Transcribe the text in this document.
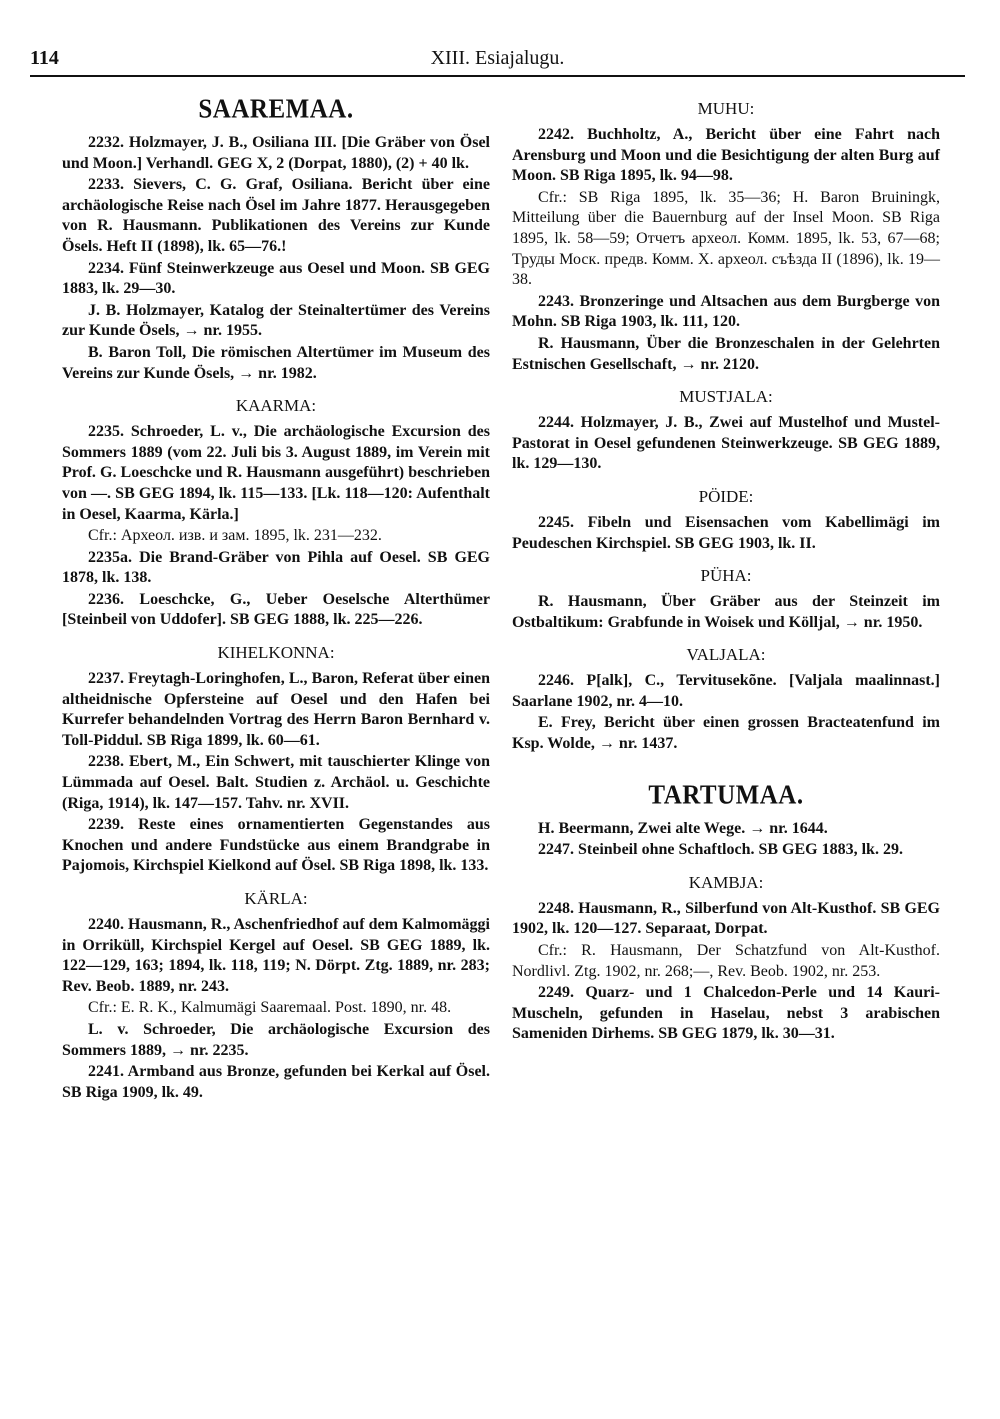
114	XIII. Esiajalugu.
SAAREMAA.

2232. Holzmayer, J. B., Osiliana III. [Die Gräber von Ösel und Moon.] Verhandl. GEG X, 2 (Dorpat, 1880), (2) + 40 lk.

2233. Sievers, C. G. Graf, Osiliana. Bericht über eine archäologische Reise nach Ösel im Jahre 1877. Herausgegeben von R. Hausmann. Publikationen des Vereins zur Kunde Ösels. Heft II (1898), lk. 65—76.!

2234. Fünf Steinwerkzeuge aus Oesel und Moon. SB GEG 1883, lk. 29—30.

J. B. Holzmayer, Katalog der Steinaltertümer des Vereins zur Kunde Ösels, → nr. 1955.

B. Baron Toll, Die römischen Altertümer im Museum des Vereins zur Kunde Ösels, → nr. 1982.

KAARMA:

2235. Schroeder, L. v., Die archäologische Excursion des Sommers 1889 (vom 22. Juli bis 3. August 1889, im Verein mit Prof. G. Loeschcke und R. Hausmann ausgeführt) beschrieben von —. SB GEG 1894, lk. 115—133. [Lk. 118—120: Aufenthalt in Oesel, Kaarma, Kärla.]

Cfr.: Археол. изв. и зам. 1895, lk. 231—232.

2235a. Die Brand-Gräber von Pihla auf Oesel. SB GEG 1878, lk. 138.

2236. Loeschcke, G., Ueber Oeselsche Alterthümer [Steinbeil von Uddofer]. SB GEG 1888, lk. 225—226.

KIHELKONNA:

2237. Freytagh-Loringhofen, L., Baron, Referat über einen altheidnische Opfersteine auf Oesel und den Hafen bei Kurrefer behandelnden Vortrag des Herrn Baron Bernhard v. Toll-Piddul. SB Riga 1899, lk. 60—61.

2238. Ebert, M., Ein Schwert, mit tauschierter Klinge von Lümmada auf Oesel. Balt. Studien z. Archäol. u. Geschichte (Riga, 1914), lk. 147—157. Tahv. nr. XVII.

2239. Reste eines ornamentierten Gegenstandes aus Knochen und andere Fundstücke aus einem Brandgrabe in Pajomois, Kirchspiel Kielkond auf Ösel. SB Riga 1898, lk. 133.

KÄRLA:

2240. Hausmann, R., Aschenfriedhof auf dem Kalmomäggi in Orriküll, Kirchspiel Kergel auf Oesel. SB GEG 1889, lk. 122—129, 163; 1894, lk. 118, 119; N. Dörpt. Ztg. 1889, nr. 283; Rev. Beob. 1889, nr. 243.

Cfr.: E. R. K., Kalmumägi Saaremaal. Post. 1890, nr. 48.

L. v. Schroeder, Die archäologische Excursion des Sommers 1889, → nr. 2235.

2241. Armband aus Bronze, gefunden bei Kerkal auf Ösel. SB Riga 1909, lk. 49.

MUHU:

2242. Buchholtz, A., Bericht über eine Fahrt nach Arensburg und Moon und die Besichtigung der alten Burg auf Moon. SB Riga 1895, lk. 94—98.

Cfr.: SB Riga 1895, lk. 35—36; H. Baron Bruiningk, Mitteilung über die Bauernburg auf der Insel Moon. SB Riga 1895, lk. 58—59; Отчетъ археол. Комм. 1895, lk. 53, 67—68; Труды Моск. предв. Комм. X. археол. съѣзда II (1896), lk. 19—38.

2243. Bronzeringe und Altsachen aus dem Burgberge von Mohn. SB Riga 1903, lk. 111, 120.

R. Hausmann, Über die Bronzeschalen in der Gelehrten Estnischen Gesellschaft, → nr. 2120.

MUSTJALA:

2244. Holzmayer, J. B., Zwei auf Mustelhof und Mustel-Pastorat in Oesel gefundenen Steinwerkzeuge. SB GEG 1889, lk. 129—130.

PÖIDE:

2245. Fibeln und Eisensachen vom Kabellimägi im Peudeschen Kirchspiel. SB GEG 1903, lk. II.

PÜHA:

R. Hausmann, Über Gräber aus der Steinzeit im Ostbaltikum: Grabfunde in Woisek und Kölljal, → nr. 1950.

VALJALA:

2246. P[alk], C., Tervitusekõne. [Valjala maalinnast.] Saarlane 1902, nr. 4—10.

E. Frey, Bericht über einen grossen Bracteatenfund im Ksp. Wolde, → nr. 1437.

TARTUMAA.

H. Beermann, Zwei alte Wege. → nr. 1644.

2247. Steinbeil ohne Schaftloch. SB GEG 1883, lk. 29.

KAMBJA:

2248. Hausmann, R., Silberfund von Alt-Kusthof. SB GEG 1902, lk. 120—127. Separaat, Dorpat.

Cfr.: R. Hausmann, Der Schatzfund von Alt-Kusthof. Nordlivl. Ztg. 1902, nr. 268;—, Rev. Beob. 1902, nr. 253.

2249. Quarz- und 1 Chalcedon-Perle und 14 Kauri-Muscheln, gefunden in Haselau, nebst 3 arabischen Sameniden Dirhems. SB GEG 1879, lk. 30—31.
